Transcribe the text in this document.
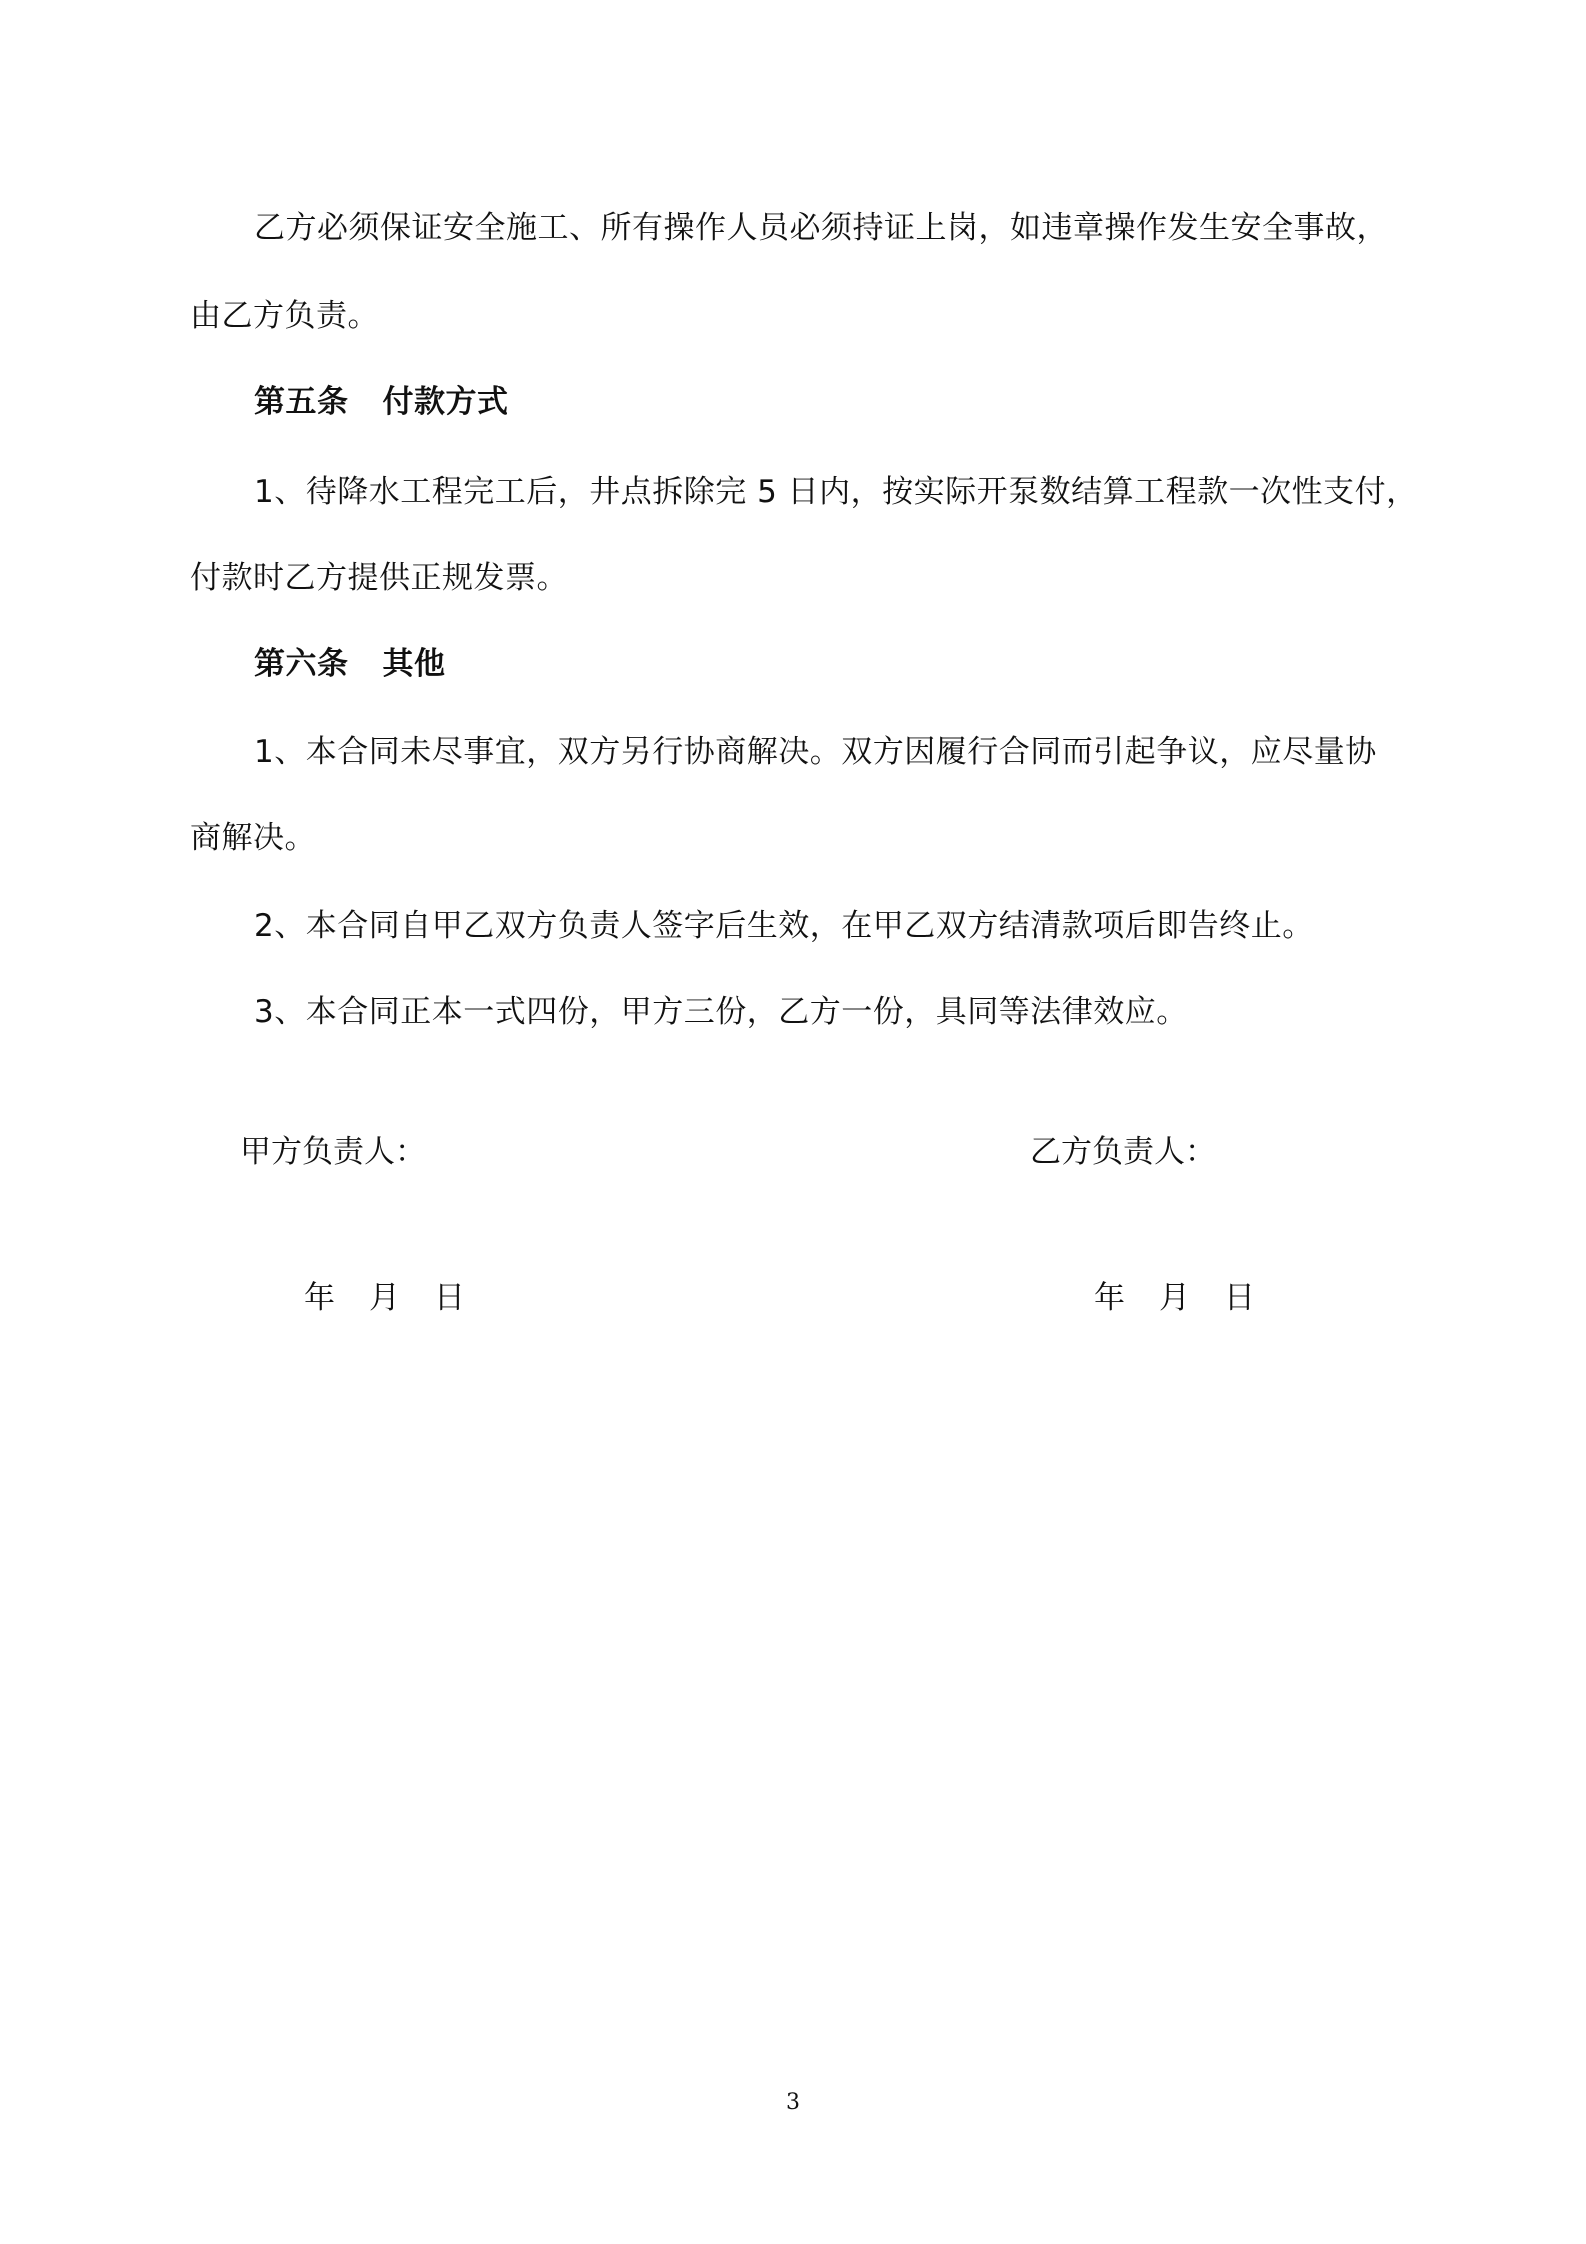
乙方必须保证安全施工、所有操作人员必须持证上岗，如违章操作发生安全事故，
由乙方负责。
第五条 付款方式
1、待降水工程完工后，井点拆除完 5 日内，按实际开泵数结算工程款一次性支付，
付款时乙方提供正规发票。
第六条 其他
1、本合同未尽事宜，双方另行协商解决。双方因履行合同而引起争议，应尽量协
商解决。
2、本合同自甲乙双方负责人签字后生效，在甲乙双方结清款项后即告终止。
3、本合同正本一式四份，甲方三份，乙方一份，具同等法律效应。
甲方负责人：	乙方负责人：
年 月 日	年 月 日
3
